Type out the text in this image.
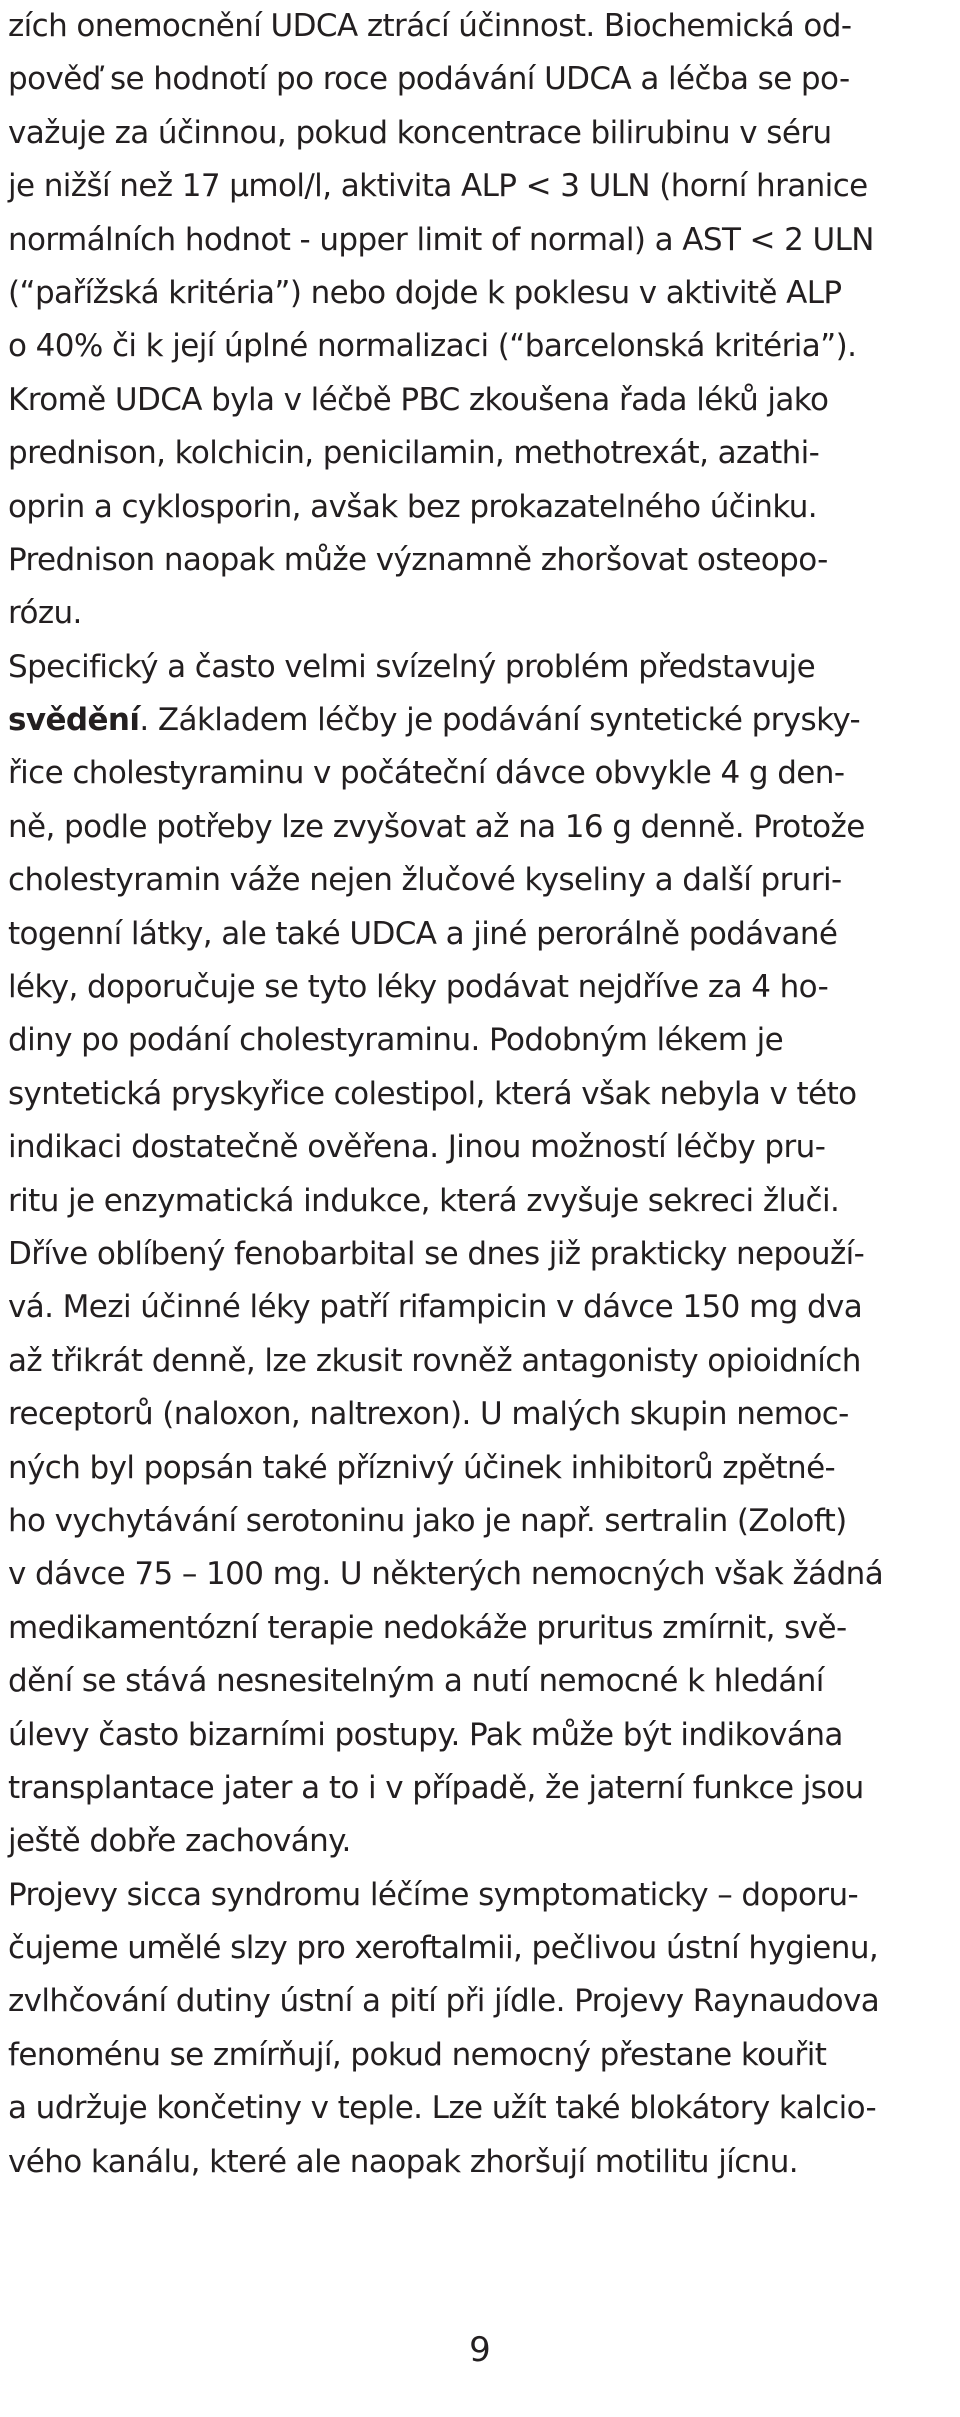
zích onemocnění UDCA ztrácí účinnost. Biochemická od-
pověď se hodnotí po roce podávání UDCA a léčba se po-
važuje za účinnou, pokud koncentrace bilirubinu v séru
je nižší než 17 µmol/l, aktivita ALP < 3 ULN (horní hranice
normálních hodnot - upper limit of normal) a AST < 2 ULN
(“pařížská kritéria”) nebo dojde k poklesu v aktivitě ALP
o 40% či k její úplné normalizaci (“barcelonská kritéria”).
Kromě UDCA byla v léčbě PBC zkoušena řada léků jako
prednison, kolchicin, penicilamin, methotrexát, azathi-
oprin a cyklosporin, avšak bez prokazatelného účinku.
Prednison naopak může významně zhoršovat osteopo-
rózu.
Specifický a často velmi svízelný problém představuje
svědění. Základem léčby je podávání syntetické prysky-
řice cholestyraminu v počáteční dávce obvykle 4 g den-
ně, podle potřeby lze zvyšovat až na 16 g denně. Protože
cholestyramin váže nejen žlučové kyseliny a další pruri-
togenní látky, ale také UDCA a jiné perorálně podávané
léky, doporučuje se tyto léky podávat nejdříve za 4 ho-
diny po podání cholestyraminu. Podobným lékem je
syntetická pryskyřice colestipol, která však nebyla v této
indikaci dostatečně ověřena. Jinou možností léčby pru-
ritu je enzymatická indukce, která zvyšuje sekreci žluči.
Dříve oblíbený fenobarbital se dnes již prakticky nepouží-
vá. Mezi účinné léky patří rifampicin v dávce 150 mg dva
až třikrát denně, lze zkusit rovněž antagonisty opioidních
receptorů (naloxon, naltrexon). U malých skupin nemoc-
ných byl popsán také příznivý účinek inhibitorů zpětné-
ho vychytávání serotoninu jako je např. sertralin (Zoloft)
v dávce 75 – 100 mg. U některých nemocných však žádná
medikamentózní terapie nedokáže pruritus zmírnit, svě-
dění se stává nesnesitelným a nutí nemocné k hledání
úlevy často bizarními postupy. Pak může být indikována
transplantace jater a to i v případě, že jaterní funkce jsou
ještě dobře zachovány.
Projevy sicca syndromu léčíme symptomaticky – doporu-
čujeme umělé slzy pro xeroftalmii, pečlivou ústní hygienu,
zvlhčování dutiny ústní a pití při jídle. Projevy Raynaudova
fenoménu se zmírňují, pokud nemocný přestane kouřit
a udržuje končetiny v teple. Lze užít také blokátory kalcio-
vého kanálu, které ale naopak zhoršují motilitu jícnu.
9
